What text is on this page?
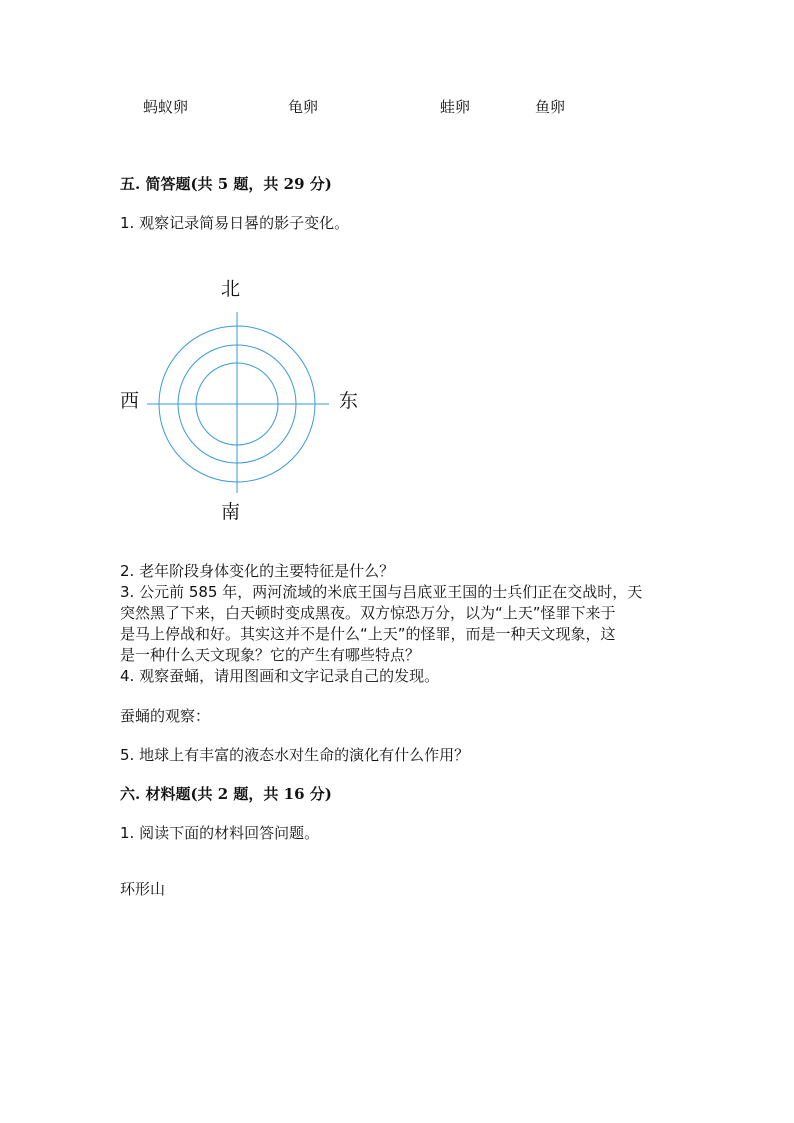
蚂蚁卵	龟卵	蛙卵	鱼卵
五. 简答题(共 5 题，共 29 分)
1. 观察记录简易日晷的影子变化。
北
西	东
南
2. 老年阶段身体变化的主要特征是什么？
3. 公元前 585 年，两河流域的米底王国与吕底亚王国的士兵们正在交战时，天
突然黑了下来，白天顿时变成黑夜。双方惊恐万分，以为“上天”怪罪下来于
是马上停战和好。其实这并不是什么“上天”的怪罪，而是一种天文现象，这
是一种什么天文现象？它的产生有哪些特点？
4. 观察蚕蛹，请用图画和文字记录自己的发现。
蚕蛹的观察：
5. 地球上有丰富的液态水对生命的演化有什么作用？
六. 材料题(共 2 题，共 16 分)
1. 阅读下面的材料回答问题。
环形山
